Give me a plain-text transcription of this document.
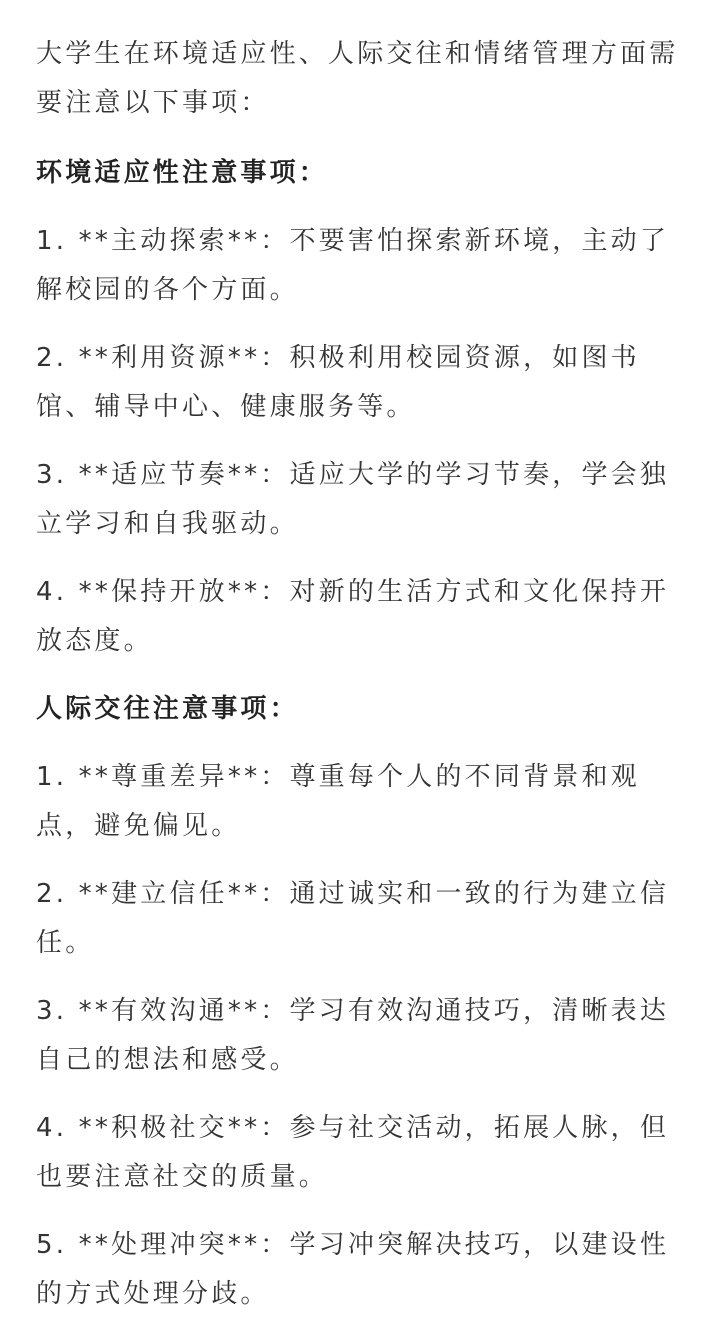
大学生在环境适应性、人际交往和情绪管理方面需要注意以下事项：

环境适应性注意事项：

1. **主动探索**：不要害怕探索新环境，主动了解校园的各个方面。

2. **利用资源**：积极利用校园资源，如图书馆、辅导中心、健康服务等。

3. **适应节奏**：适应大学的学习节奏，学会独立学习和自我驱动。

4. **保持开放**：对新的生活方式和文化保持开放态度。

人际交往注意事项：

1. **尊重差异**：尊重每个人的不同背景和观点，避免偏见。

2. **建立信任**：通过诚实和一致的行为建立信任。

3. **有效沟通**：学习有效沟通技巧，清晰表达自己的想法和感受。

4. **积极社交**：参与社交活动，拓展人脉，但也要注意社交的质量。

5. **处理冲突**：学习冲突解决技巧，以建设性的方式处理分歧。
